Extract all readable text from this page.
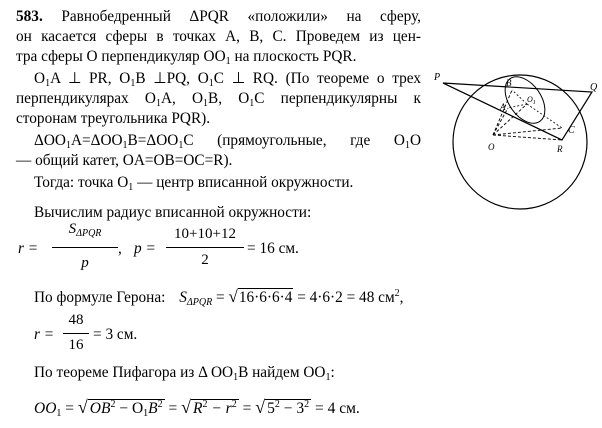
583. Равнобедренный ΔPQR «положили» на сферу,
он касается сферы в точках A, B, C. Проведем из цен-
тра сферы O перпендикуляр $OO_1$ на плоскость PQR.
$O_1A$ ⊥ PR, $O_1B$ ⊥PQ, $O_1C$ ⊥ RQ. (По теореме о трех
перпендикулярах $O_1A$, $O_1B$, $O_1C$ перпендикулярны к
сторонам треугольника PQR).
$\Delta OO_1A=\Delta OO_1B=\Delta OO_1C$ (прямоугольные, где $O_1O$
— общий катет, OA=OB=OC=R).
Тогда: точка $O_1$ — центр вписанной окружности.
Вычислим радиус вписанной окружности:
r =
$S_{\Delta PQR}$
p
, p =
10+10+12
2
= 16 см.
По формуле Герона: $S_{\Delta PQR} = √16\cdot 6\cdot 6\cdot 4 = 4\cdot 6\cdot 2 = 48$ $см^2$,
r =
48
16
= 3 см.
По теореме Пифагора из Δ $OO_1B$ найдем $OO_1$:
$OO_1$ = √ $OB^2 - O_1B^2$ = √ $R^2 - r^2$ = √ $5^2 - 3^2 = 4$ см.
P
Q
R
B
A
C
O
$O_1$
